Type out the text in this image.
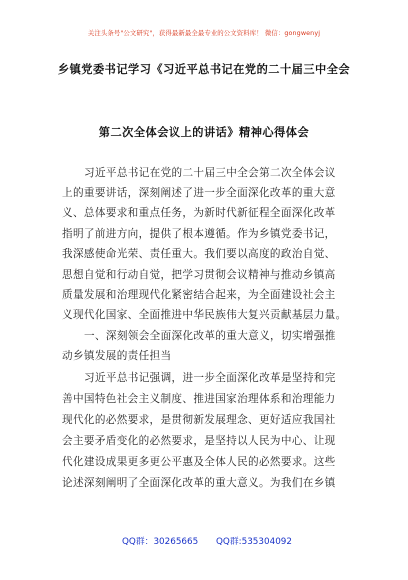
关注头条号"公文研究"，获得最新最全最专业的公文资料库！ 微信：gongwenyj
乡镇党委书记学习《习近平总书记在党的二十届三中全会
第二次全体会议上的讲话》精神心得体会
习近平总书记在党的二十届三中全会第二次全体会议
上的重要讲话，深刻阐述了进一步全面深化改革的重大意
义、总体要求和重点任务，为新时代新征程全面深化改革
指明了前进方向，提供了根本遵循。作为乡镇党委书记，
我深感使命光荣、责任重大。我们要以高度的政治自觉、
思想自觉和行动自觉，把学习贯彻会议精神与推动乡镇高
质量发展和治理现代化紧密结合起来，为全面建设社会主
义现代化国家、全面推进中华民族伟大复兴贡献基层力量。
一、深刻领会全面深化改革的重大意义，切实增强推
动乡镇发展的责任担当
习近平总书记强调，进一步全面深化改革是坚持和完
善中国特色社会主义制度、推进国家治理体系和治理能力
现代化的必然要求，是贯彻新发展理念、更好适应我国社
会主要矛盾变化的必然要求，是坚持以人民为中心、让现
代化建设成果更多更公平惠及全体人民的必然要求。这些
论述深刻阐明了全面深化改革的重大意义。为我们在乡镇
QQ群：30265665 QQ群:535304092
